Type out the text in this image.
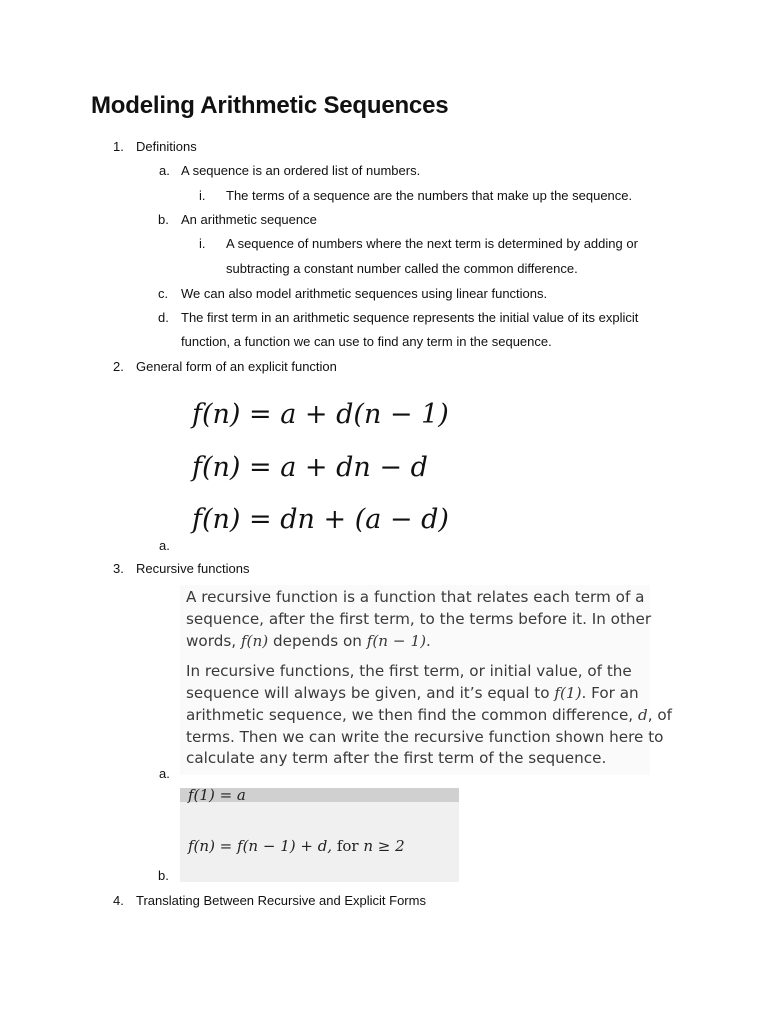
Modeling Arithmetic Sequences
1. Definitions
a. A sequence is an ordered list of numbers.
i. The terms of a sequence are the numbers that make up the sequence.
b. An arithmetic sequence
i. A sequence of numbers where the next term is determined by adding or
subtracting a constant number called the common difference.
c. We can also model arithmetic sequences using linear functions.
d. The first term in an arithmetic sequence represents the initial value of its explicit
function, a function we can use to find any term in the sequence.
2. General form of an explicit function
f(n) = a + d(n − 1)
f(n) = a + dn − d
f(n) = dn + (a − d)
a.
3. Recursive functions
A recursive function is a function that relates each term of a
sequence, after the first term, to the terms before it. In other
words, f(n) depends on f(n − 1).
In recursive functions, the first term, or initial value, of the
sequence will always be given, and it’s equal to f(1). For an
arithmetic sequence, we then find the common difference, d, of
terms. Then we can write the recursive function shown here to
calculate any term after the first term of the sequence.
a.
f(1) = a
f(n) = f(n − 1) + d, for n ≥ 2
b.
4. Translating Between Recursive and Explicit Forms
